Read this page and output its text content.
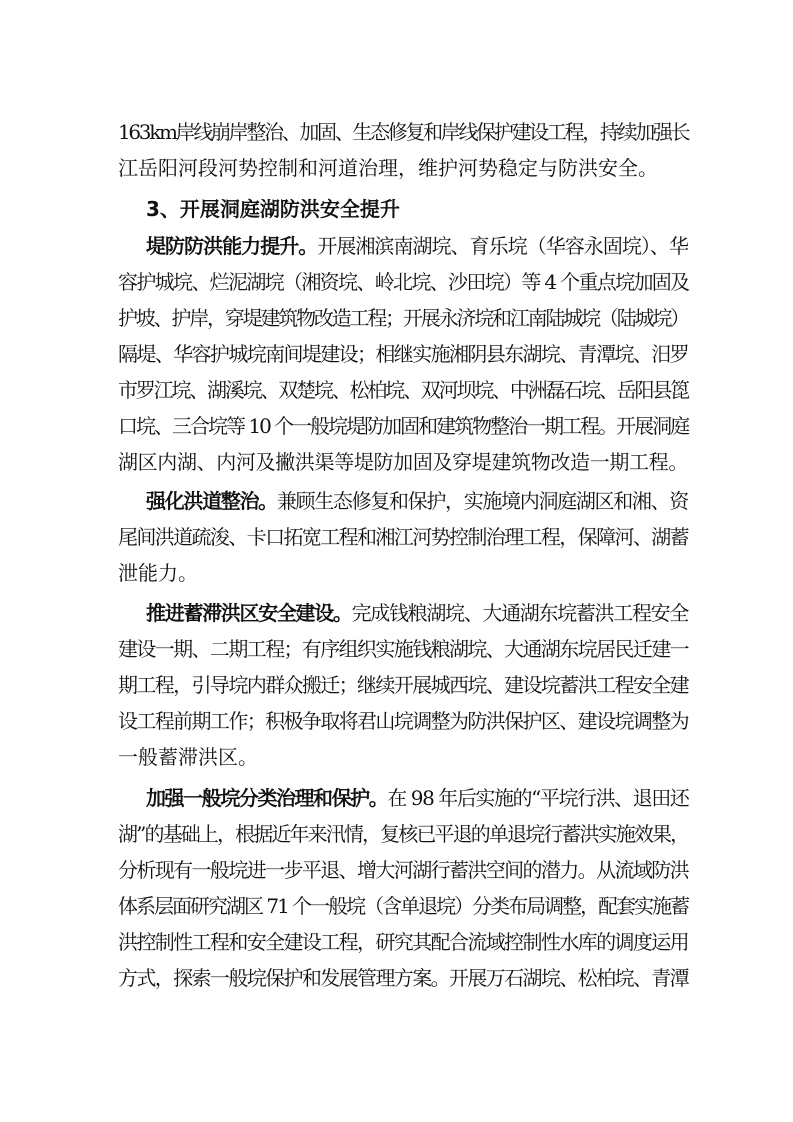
163km岸线崩岸整治、加固、生态修复和岸线保护建设工程，持续加强长
江岳阳河段河势控制和河道治理，维护河势稳定与防洪安全。
3、开展洞庭湖防洪安全提升
堤防防洪能力提升。开展湘滨南湖垸、育乐垸（华容永固垸）、华
容护城垸、烂泥湖垸（湘资垸、岭北垸、沙田垸）等 4 个重点垸加固及
护坡、护岸，穿堤建筑物改造工程；开展永济垸和江南陆城垸（陆城垸）
隔堤、华容护城垸南间堤建设；相继实施湘阴县东湖垸、青潭垸、汨罗
市罗江垸、湖溪垸、双楚垸、松柏垸、双河坝垸、中洲磊石垸、岳阳县箆
口垸、三合垸等 10 个一般垸堤防加固和建筑物整治一期工程。开展洞庭
湖区内湖、内河及撇洪渠等堤防加固及穿堤建筑物改造一期工程。
强化洪道整治。兼顾生态修复和保护，实施境内洞庭湖区和湘、资
尾间洪道疏浚、卡口拓宽工程和湘江河势控制治理工程，保障河、湖蓄
泄能力。
推进蓄滞洪区安全建设。完成钱粮湖垸、大通湖东垸蓄洪工程安全
建设一期、二期工程；有序组织实施钱粮湖垸、大通湖东垸居民迁建一
期工程，引导垸内群众搬迁；继续开展城西垸、建设垸蓄洪工程安全建
设工程前期工作；积极争取将君山垸调整为防洪保护区、建设垸调整为
一般蓄滞洪区。
加强一般垸分类治理和保护。在 98 年后实施的“平垸行洪、退田还
湖”的基础上，根据近年来汛情，复核已平退的单退垸行蓄洪实施效果，
分析现有一般垸进一步平退、增大河湖行蓄洪空间的潜力。从流域防洪
体系层面研究湖区 71 个一般垸（含单退垸）分类布局调整，配套实施蓄
洪控制性工程和安全建设工程，研究其配合流域控制性水库的调度运用
方式，探索一般垸保护和发展管理方案。开展万石湖垸、松柏垸、青潭
